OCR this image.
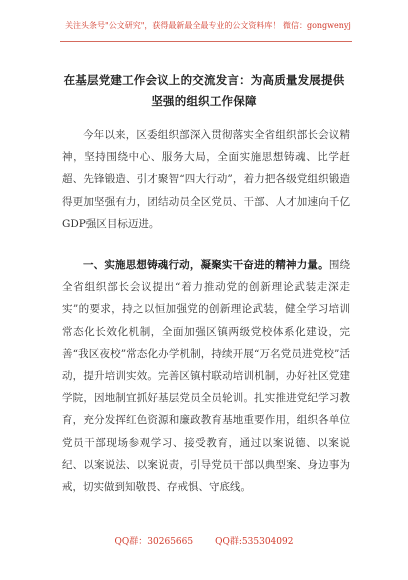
关注头条号"公文研究"，获得最新最全最专业的公文资料库！ 微信：gongwenyj
在基层党建工作会议上的交流发言：为高质量发展提供坚强的组织工作保障

今年以来，区委组织部深入贯彻落实全省组织部长会议精神，坚持围绕中心、服务大局，全面实施思想铸魂、比学赶超、先锋锻造、引才聚智“四大行动”，着力把各级党组织锻造得更加坚强有力，团结动员全区党员、干部、人才加速向千亿GDP强区目标迈进。

一、实施思想铸魂行动，凝聚实干奋进的精神力量。围绕全省组织部长会议提出“着力推动党的创新理论武装走深走实”的要求，持之以恒加强党的创新理论武装，健全学习培训常态化长效化机制，全面加强区镇两级党校体系化建设，完善“我区夜校”常态化办学机制，持续开展“万名党员进党校”活动，提升培训实效。完善区镇村联动培训机制，办好社区党建学院，因地制宜抓好基层党员全员轮训。扎实推进党纪学习教育，充分发挥红色资源和廉政教育基地重要作用，组织各单位党员干部现场参观学习、接受教育，通过以案说德、以案说纪、以案说法、以案说责，引导党员干部以典型案、身边事为戒，切实做到知敬畏、存戒惧、守底线。

QQ群：30265665 QQ群:535304092
